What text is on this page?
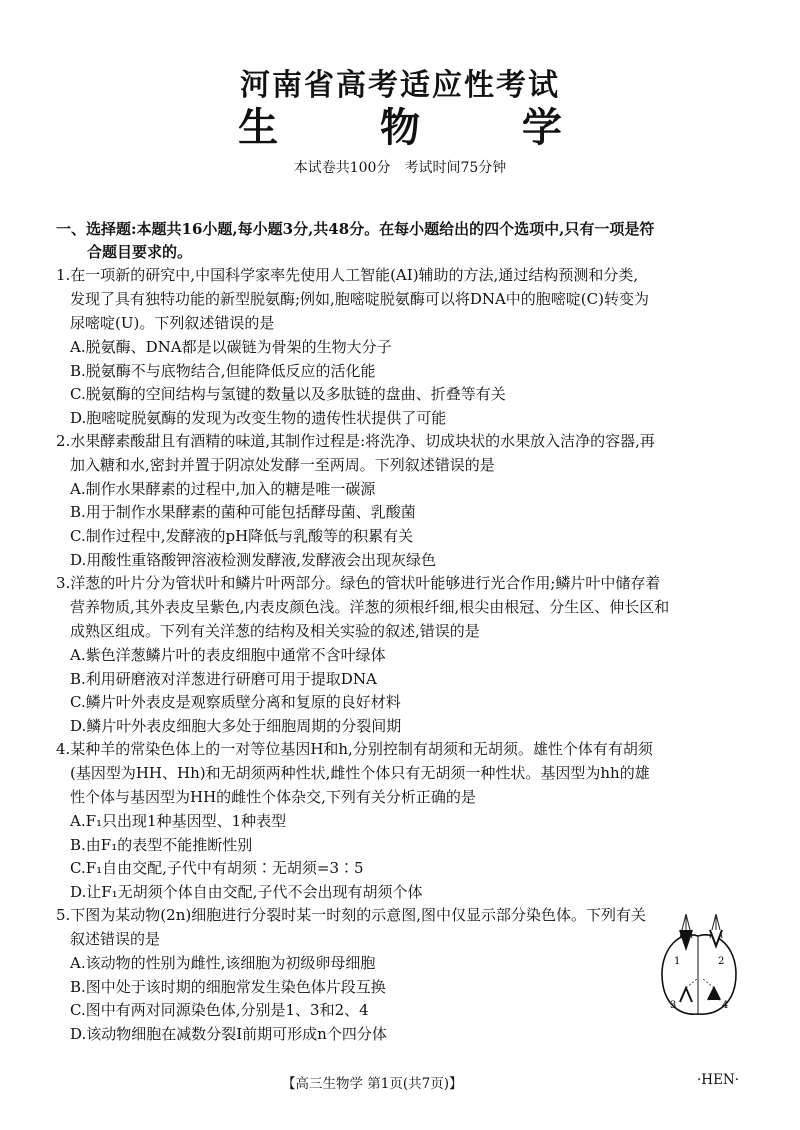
河南省高考适应性考试
生 物 学
本试卷共100分 考试时间75分钟
一、选择题:本题共16小题,每小题3分,共48分。在每小题给出的四个选项中,只有一项是符
合题目要求的。
1.在一项新的研究中,中国科学家率先使用人工智能(AI)辅助的方法,通过结构预测和分类,
发现了具有独特功能的新型脱氨酶;例如,胞嘧啶脱氨酶可以将DNA中的胞嘧啶(C)转变为
尿嘧啶(U)。下列叙述错误的是
A.脱氨酶、DNA都是以碳链为骨架的生物大分子
B.脱氨酶不与底物结合,但能降低反应的活化能
C.脱氨酶的空间结构与氢键的数量以及多肽链的盘曲、折叠等有关
D.胞嘧啶脱氨酶的发现为改变生物的遗传性状提供了可能
2.水果酵素酸甜且有酒精的味道,其制作过程是:将洗净、切成块状的水果放入洁净的容器,再
加入糖和水,密封并置于阴凉处发酵一至两周。下列叙述错误的是
A.制作水果酵素的过程中,加入的糖是唯一碳源
B.用于制作水果酵素的菌种可能包括酵母菌、乳酸菌
C.制作过程中,发酵液的pH降低与乳酸等的积累有关
D.用酸性重铬酸钾溶液检测发酵液,发酵液会出现灰绿色
3.洋葱的叶片分为管状叶和鳞片叶两部分。绿色的管状叶能够进行光合作用;鳞片叶中储存着
营养物质,其外表皮呈紫色,内表皮颜色浅。洋葱的须根纤细,根尖由根冠、分生区、伸长区和
成熟区组成。下列有关洋葱的结构及相关实验的叙述,错误的是
A.紫色洋葱鳞片叶的表皮细胞中通常不含叶绿体
B.利用研磨液对洋葱进行研磨可用于提取DNA
C.鳞片叶外表皮是观察质壁分离和复原的良好材料
D.鳞片叶外表皮细胞大多处于细胞周期的分裂间期
4.某种羊的常染色体上的一对等位基因H和h,分别控制有胡须和无胡须。雄性个体有有胡须
(基因型为HH、Hh)和无胡须两种性状,雌性个体只有无胡须一种性状。基因型为hh的雄
性个体与基因型为HH的雌性个体杂交,下列有关分析正确的是
A.F₁只出现1种基因型、1种表型
B.由F₁的表型不能推断性别
C.F₁自由交配,子代中有胡须∶无胡须=3∶5
D.让F₁无胡须个体自由交配,子代不会出现有胡须个体
5.下图为某动物(2n)细胞进行分裂时某一时刻的示意图,图中仅显示部分染色体。下列有关
叙述错误的是
A.该动物的性别为雌性,该细胞为初级卵母细胞
B.图中处于该时期的细胞常发生染色体片段互换
C.图中有两对同源染色体,分别是1、3和2、4
D.该动物细胞在减数分裂Ⅰ前期可形成n个四分体
1	2
3	4
【高三生物学 第1页(共7页)】	·HEN·
